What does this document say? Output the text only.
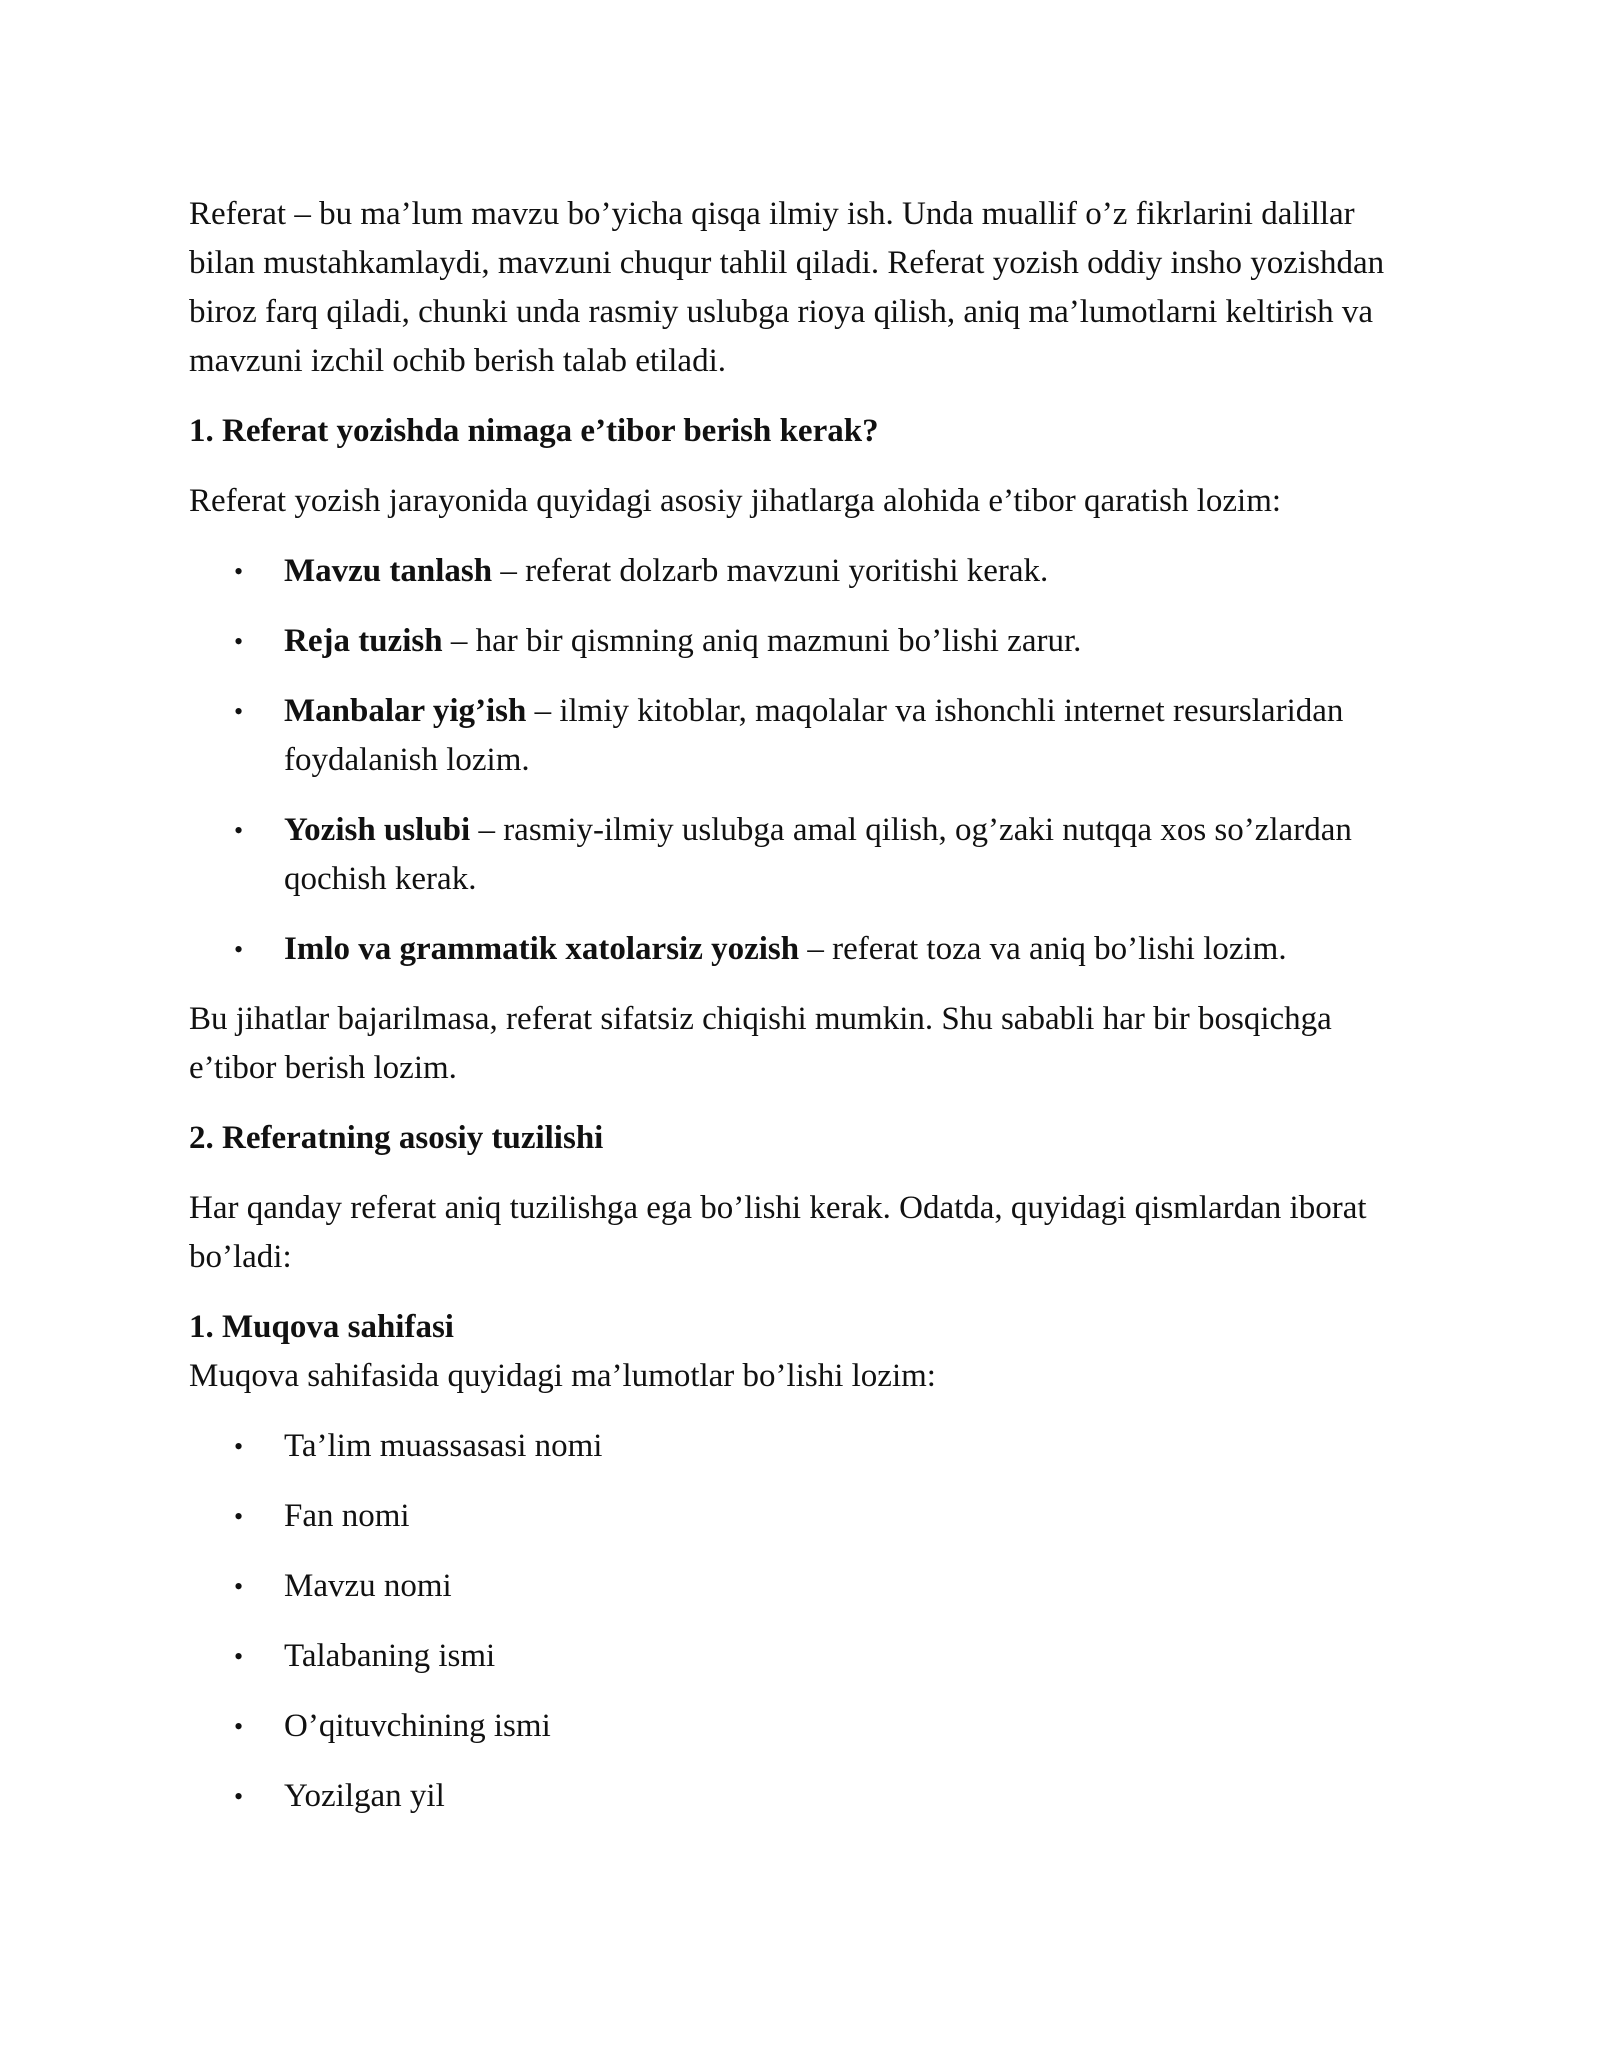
Referat – bu ma’lum mavzu bo’yicha qisqa ilmiy ish. Unda muallif o’z fikrlarini dalillar bilan mustahkamlaydi, mavzuni chuqur tahlil qiladi. Referat yozish oddiy insho yozishdan biroz farq qiladi, chunki unda rasmiy uslubga rioya qilish, aniq ma’lumotlarni keltirish va mavzuni izchil ochib berish talab etiladi.

1. Referat yozishda nimaga e’tibor berish kerak?

Referat yozish jarayonida quyidagi asosiy jihatlarga alohida e’tibor qaratish lozim:

• Mavzu tanlash – referat dolzarb mavzuni yoritishi kerak.
• Reja tuzish – har bir qismning aniq mazmuni bo’lishi zarur.
• Manbalar yig’ish – ilmiy kitoblar, maqolalar va ishonchli internet resurslaridan foydalanish lozim.
• Yozish uslubi – rasmiy-ilmiy uslubga amal qilish, og’zaki nutqqa xos so’zlardan qochish kerak.
• Imlo va grammatik xatolarsiz yozish – referat toza va aniq bo’lishi lozim.

Bu jihatlar bajarilmasa, referat sifatsiz chiqishi mumkin. Shu sababli har bir bosqichga e’tibor berish lozim.

2. Referatning asosiy tuzilishi

Har qanday referat aniq tuzilishga ega bo’lishi kerak. Odatda, quyidagi qismlardan iborat bo’ladi:

1. Muqova sahifasi

Muqova sahifasida quyidagi ma’lumotlar bo’lishi lozim:

• Ta’lim muassasasi nomi
• Fan nomi
• Mavzu nomi
• Talabaning ismi
• O’qituvchining ismi
• Yozilgan yil
